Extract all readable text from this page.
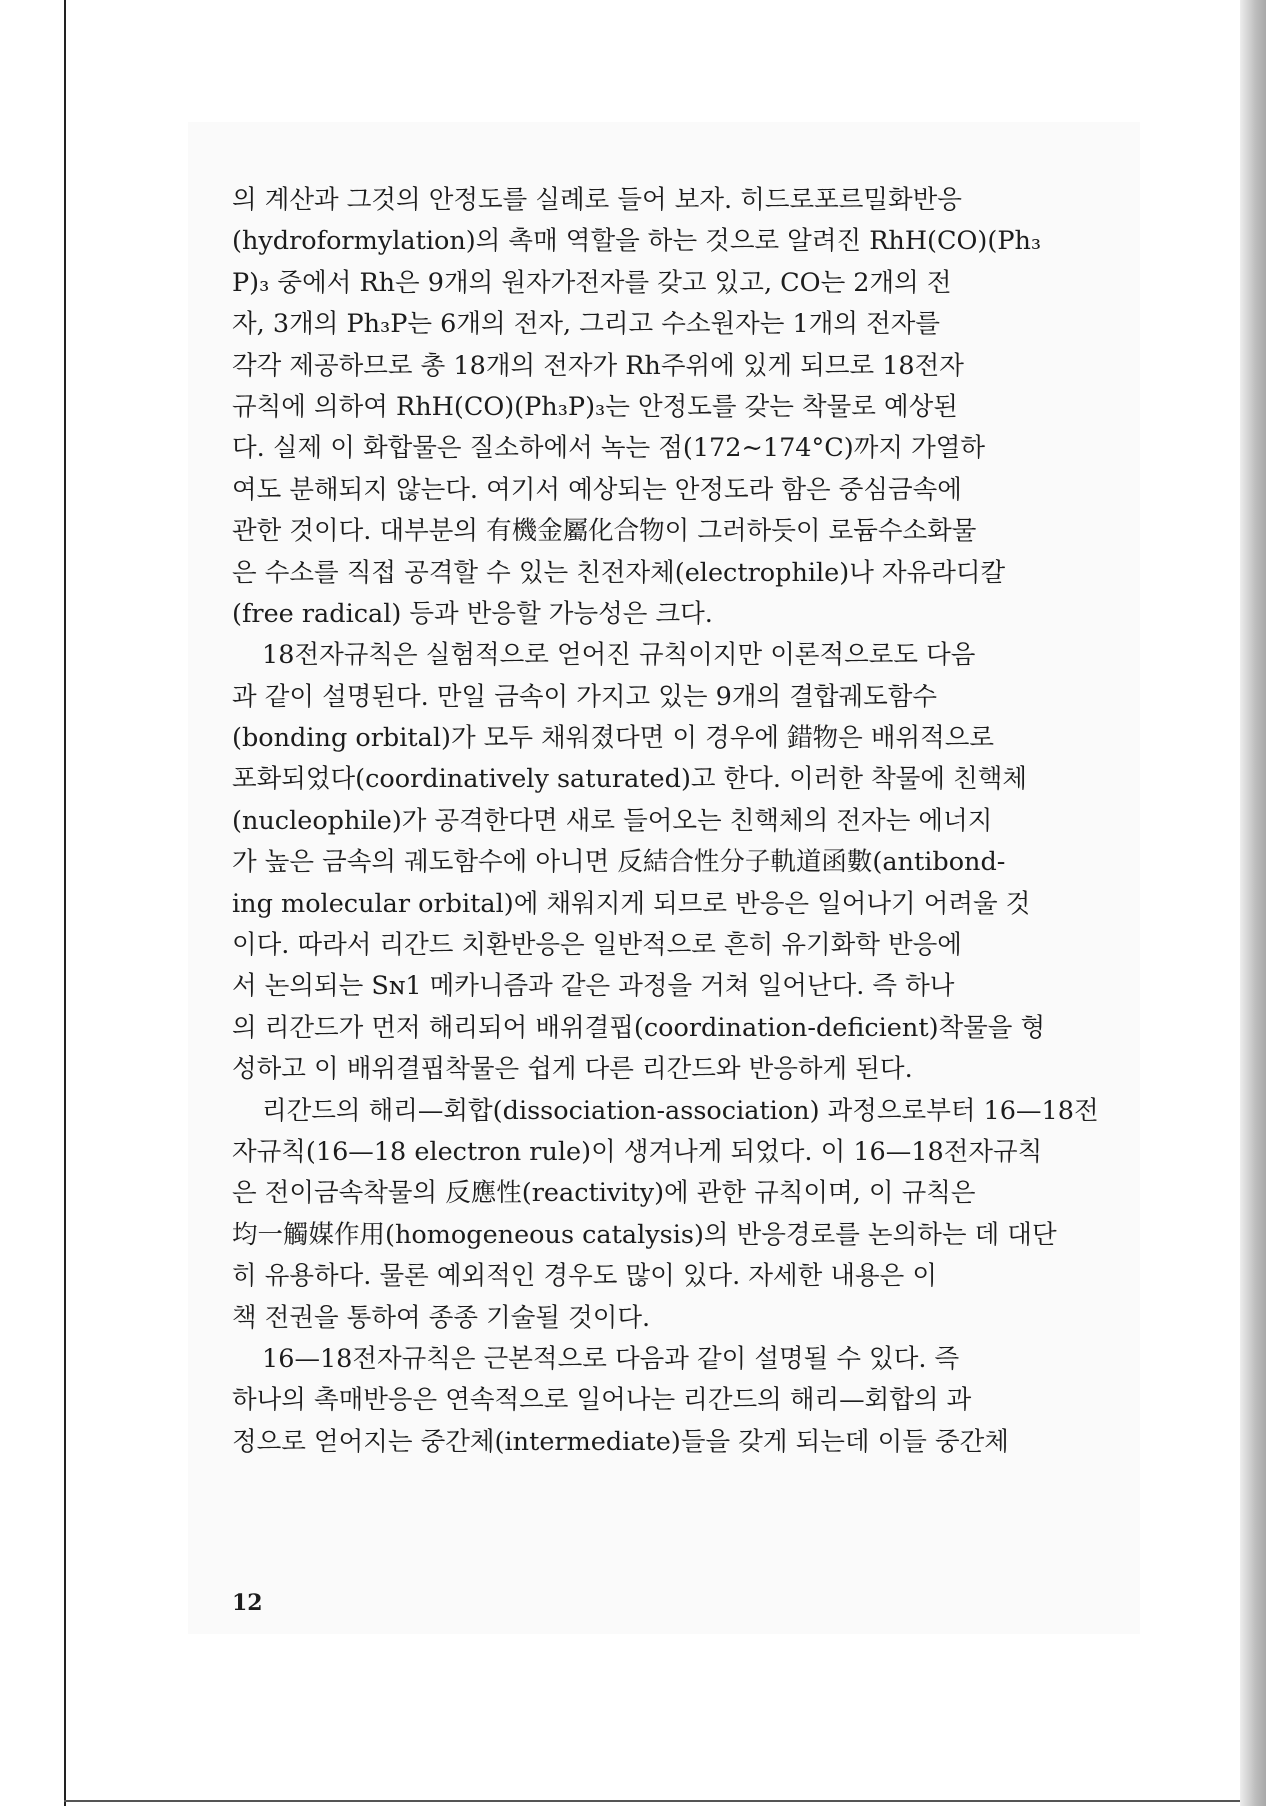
의 계산과 그것의 안정도를 실례로 들어 보자. 히드로포르밀화반응
(hydroformylation)의 촉매 역할을 하는 것으로 알려진 RhH(CO)(Ph₃
P)₃ 중에서 Rh은 9개의 원자가전자를 갖고 있고, CO는 2개의 전
자, 3개의 Ph₃P는 6개의 전자, 그리고 수소원자는 1개의 전자를
각각 제공하므로 총 18개의 전자가 Rh주위에 있게 되므로 18전자
규칙에 의하여 RhH(CO)(Ph₃P)₃는 안정도를 갖는 착물로 예상된
다. 실제 이 화합물은 질소하에서 녹는 점(172∼174°C)까지 가열하
여도 분해되지 않는다. 여기서 예상되는 안정도라 함은 중심금속에
관한 것이다. 대부분의 有機金屬化合物이 그러하듯이 로듐수소화물
은 수소를 직접 공격할 수 있는 친전자체(electrophile)나 자유라디칼
(free radical) 등과 반응할 가능성은 크다.
18전자규칙은 실험적으로 얻어진 규칙이지만 이론적으로도 다음
과 같이 설명된다. 만일 금속이 가지고 있는 9개의 결합궤도함수
(bonding orbital)가 모두 채워졌다면 이 경우에 錯物은 배위적으로
포화되었다(coordinatively saturated)고 한다. 이러한 착물에 친핵체
(nucleophile)가 공격한다면 새로 들어오는 친핵체의 전자는 에너지
가 높은 금속의 궤도함수에 아니면 反結合性分子軌道函數(antibond-
ing molecular orbital)에 채워지게 되므로 반응은 일어나기 어려울 것
이다. 따라서 리간드 치환반응은 일반적으로 흔히 유기화학 반응에
서 논의되는 Sɴ1 메카니즘과 같은 과정을 거쳐 일어난다. 즉 하나
의 리간드가 먼저 해리되어 배위결핍(coordination-deficient)착물을 형
성하고 이 배위결핍착물은 쉽게 다른 리간드와 반응하게 된다.
리간드의 해리—회합(dissociation-association) 과정으로부터 16—18전
자규칙(16—18 electron rule)이 생겨나게 되었다. 이 16—18전자규칙
은 전이금속착물의 反應性(reactivity)에 관한 규칙이며, 이 규칙은
均一觸媒作用(homogeneous catalysis)의 반응경로를 논의하는 데 대단
히 유용하다. 물론 예외적인 경우도 많이 있다. 자세한 내용은 이
책 전권을 통하여 종종 기술될 것이다.
16—18전자규칙은 근본적으로 다음과 같이 설명될 수 있다. 즉
하나의 촉매반응은 연속적으로 일어나는 리간드의 해리—회합의 과
정으로 얻어지는 중간체(intermediate)들을 갖게 되는데 이들 중간체
12
